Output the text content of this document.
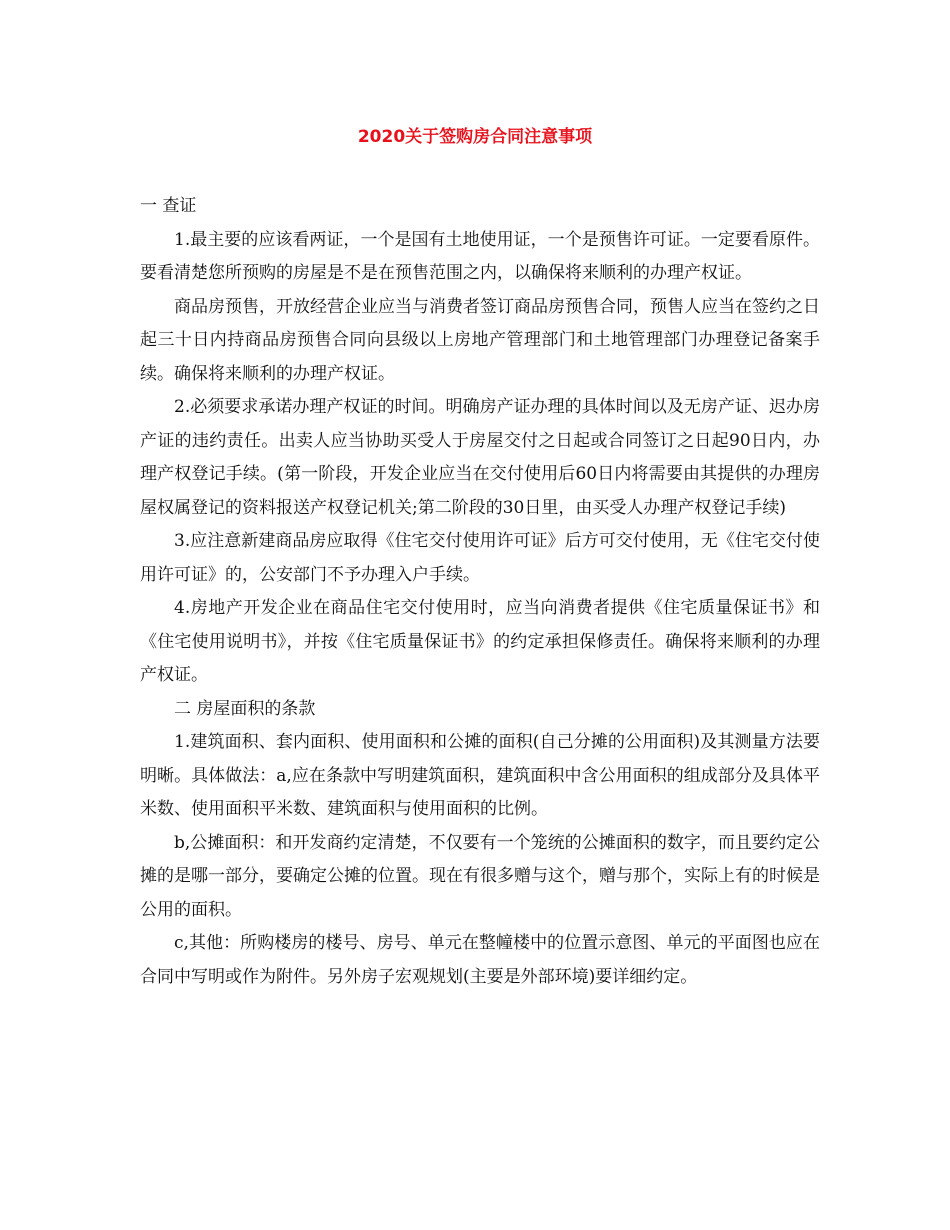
2020关于签购房合同注意事项

一 查证

1.最主要的应该看两证，一个是国有土地使用证，一个是预售许可证。一定要看原件。要看清楚您所预购的房屋是不是在预售范围之内，以确保将来顺利的办理产权证。

商品房预售，开放经营企业应当与消费者签订商品房预售合同，预售人应当在签约之日起三十日内持商品房预售合同向县级以上房地产管理部门和土地管理部门办理登记备案手续。确保将来顺利的办理产权证。

2.必须要求承诺办理产权证的时间。明确房产证办理的具体时间以及无房产证、迟办房产证的违约责任。出卖人应当协助买受人于房屋交付之日起或合同签订之日起90日内，办理产权登记手续。(第一阶段，开发企业应当在交付使用后60日内将需要由其提供的办理房屋权属登记的资料报送产权登记机关;第二阶段的30日里，由买受人办理产权登记手续)

3.应注意新建商品房应取得《住宅交付使用许可证》后方可交付使用，无《住宅交付使用许可证》的，公安部门不予办理入户手续。

4.房地产开发企业在商品住宅交付使用时，应当向消费者提供《住宅质量保证书》和《住宅使用说明书》，并按《住宅质量保证书》的约定承担保修责任。确保将来顺利的办理产权证。

二 房屋面积的条款

1.建筑面积、套内面积、使用面积和公摊的面积(自己分摊的公用面积)及其测量方法要明晰。具体做法：a,应在条款中写明建筑面积，建筑面积中含公用面积的组成部分及具体平米数、使用面积平米数、建筑面积与使用面积的比例。

b,公摊面积：和开发商约定清楚，不仅要有一个笼统的公摊面积的数字，而且要约定公摊的是哪一部分，要确定公摊的位置。现在有很多赠与这个，赠与那个，实际上有的时候是公用的面积。

c,其他：所购楼房的楼号、房号、单元在整幢楼中的位置示意图、单元的平面图也应在合同中写明或作为附件。另外房子宏观规划(主要是外部环境)要详细约定。
